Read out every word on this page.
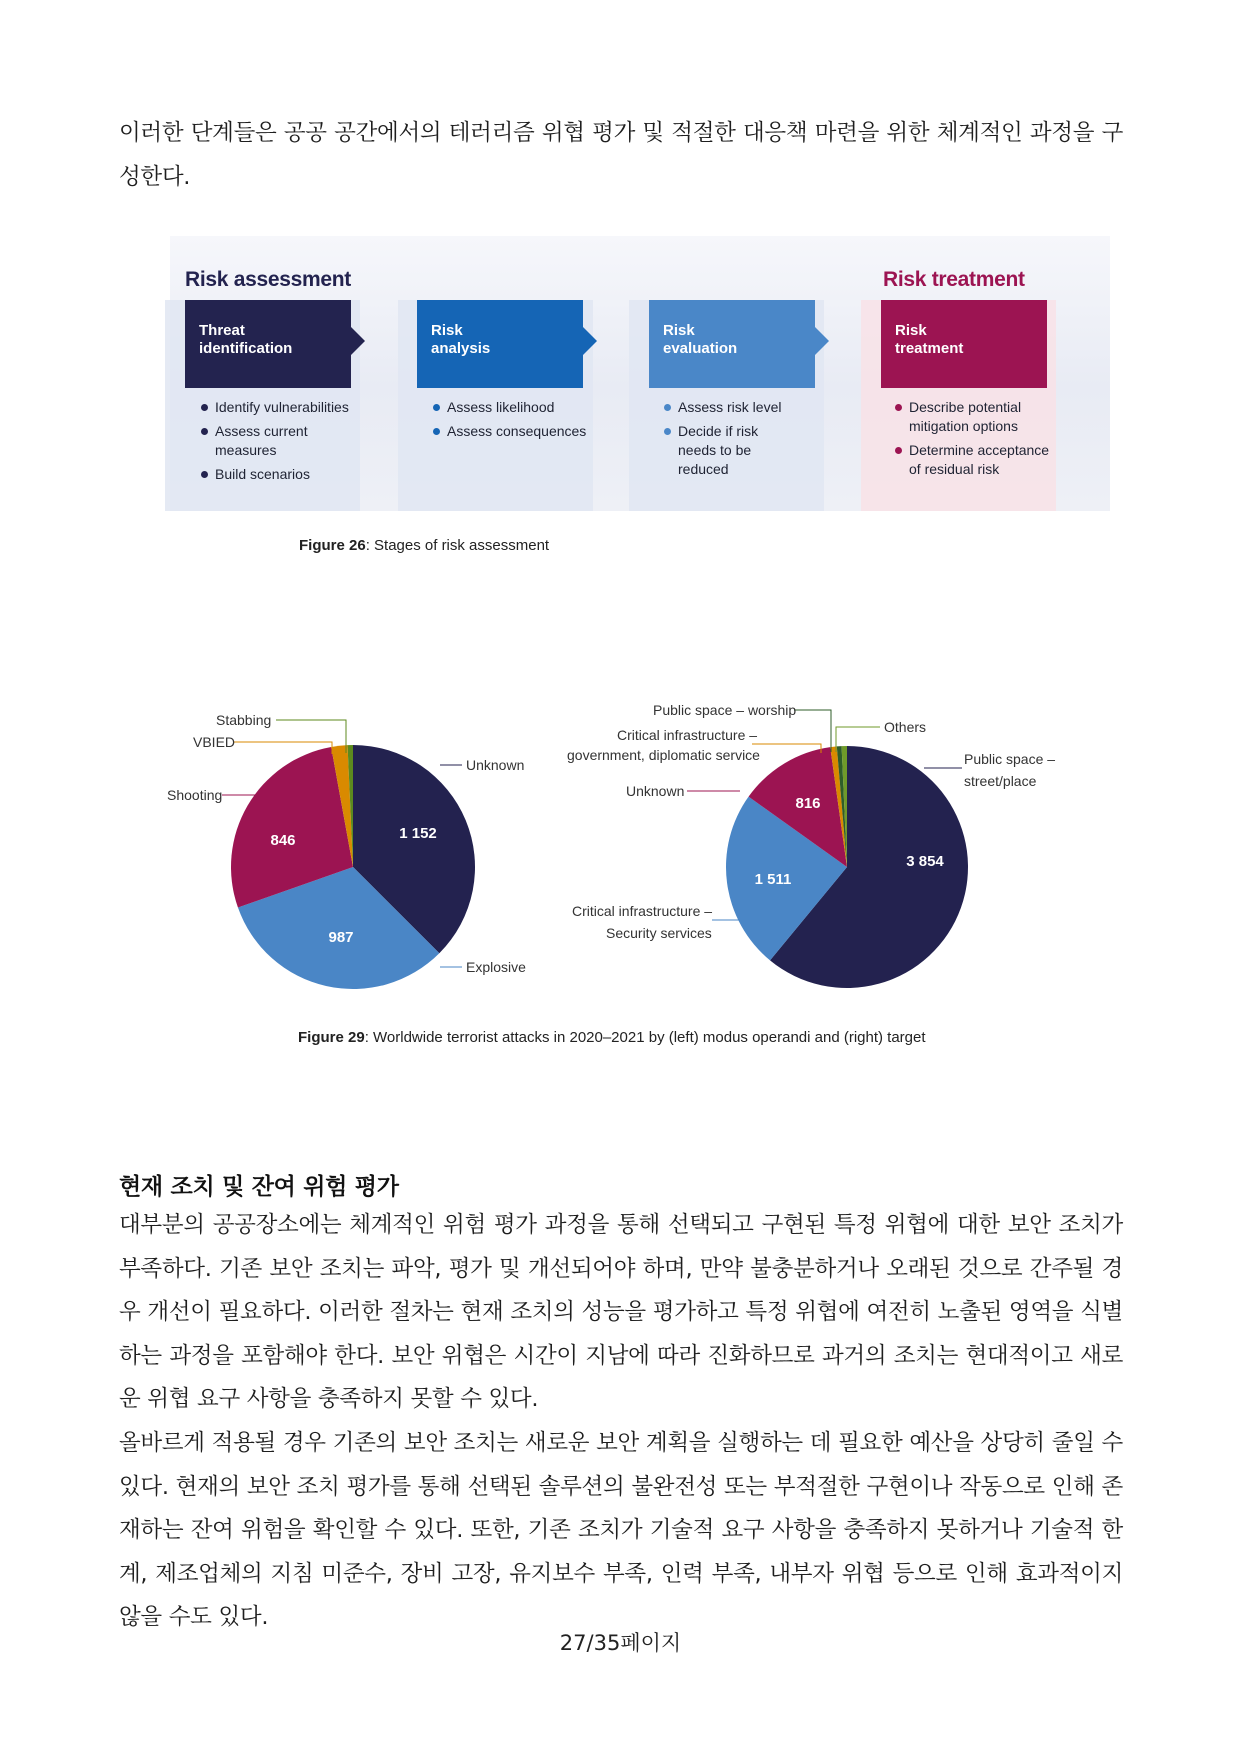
이러한 단계들은 공공 공간에서의 테러리즘 위협 평가 및 적절한 대응책 마련을 위한 체계적인 과정을 구성한다.

Risk assessment	Risk treatment
Threat
identification
Risk
analysis
Risk
evaluation
Risk
treatment
Identify vulnerabilities
Assess current measures
Build scenarios
Assess likelihood
Assess consequences
Assess risk level
Decide if risk needs to be reduced
Describe potential mitigation options
Determine acceptance of residual risk
Figure 26: Stages of risk assessment
1 152
987
846
3 854
1 511
816
Stabbing
VBIED
Shooting
Unknown
Explosive
Public space – worship
Critical infrastructure –
government, diplomatic service
Others
Unknown
Public space –
street/place
Critical infrastructure –
Security services
Figure 29: Worldwide terrorist attacks in 2020–2021 by (left) modus operandi and (right) target
현재 조치 및 잔여 위험 평가

대부분의 공공장소에는 체계적인 위험 평가 과정을 통해 선택되고 구현된 특정 위협에 대한 보안 조치가 부족하다. 기존 보안 조치는 파악, 평가 및 개선되어야 하며, 만약 불충분하거나 오래된 것으로 간주될 경우 개선이 필요하다. 이러한 절차는 현재 조치의 성능을 평가하고 특정 위협에 여전히 노출된 영역을 식별하는 과정을 포함해야 한다. 보안 위협은 시간이 지남에 따라 진화하므로 과거의 조치는 현대적이고 새로운 위협 요구 사항을 충족하지 못할 수 있다.

올바르게 적용될 경우 기존의 보안 조치는 새로운 보안 계획을 실행하는 데 필요한 예산을 상당히 줄일 수 있다. 현재의 보안 조치 평가를 통해 선택된 솔루션의 불완전성 또는 부적절한 구현이나 작동으로 인해 존재하는 잔여 위험을 확인할 수 있다. 또한, 기존 조치가 기술적 요구 사항을 충족하지 못하거나 기술적 한계, 제조업체의 지침 미준수, 장비 고장, 유지보수 부족, 인력 부족, 내부자 위협 등으로 인해 효과적이지 않을 수도 있다.

27/35페이지
